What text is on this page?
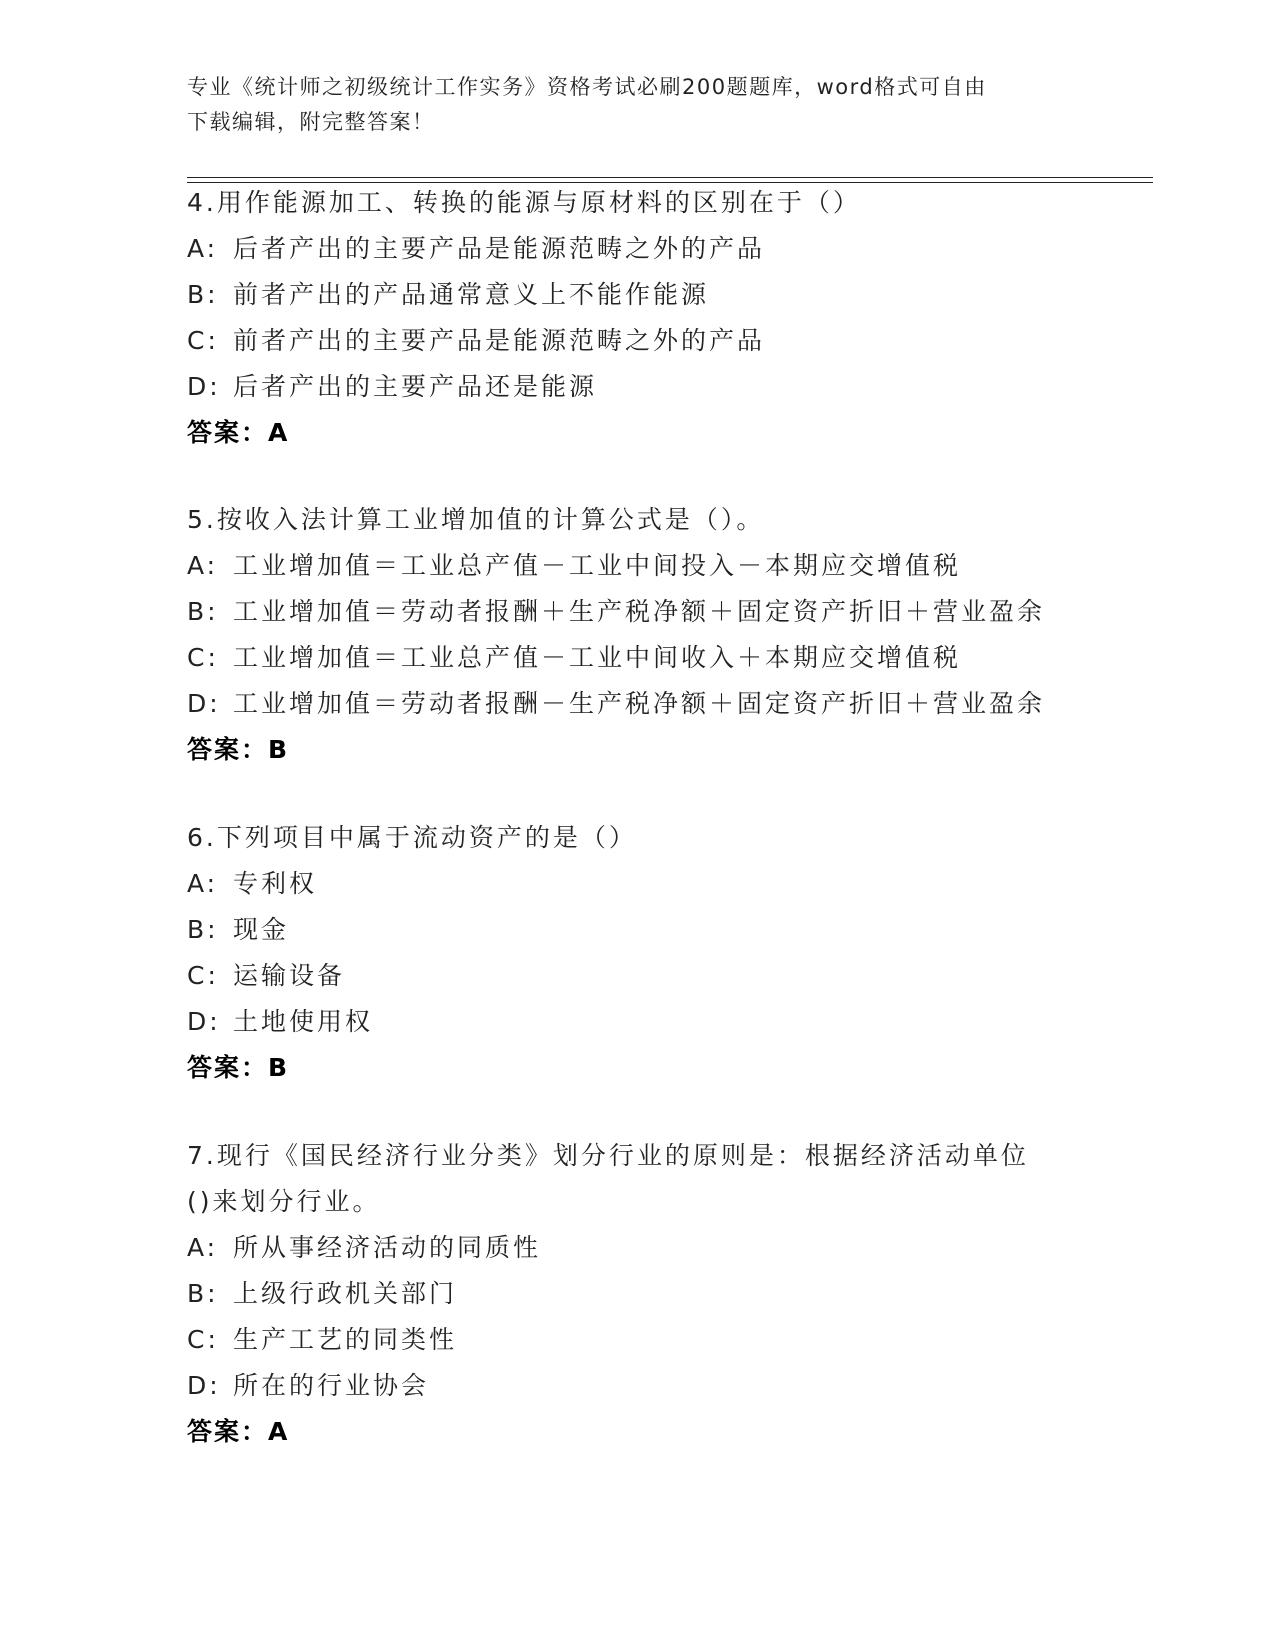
专业《统计师之初级统计工作实务》资格考试必刷200题题库，word格式可自由
下载编辑，附完整答案！
4.用作能源加工、转换的能源与原材料的区别在于（）
A: 后者产出的主要产品是能源范畴之外的产品
B: 前者产出的产品通常意义上不能作能源
C: 前者产出的主要产品是能源范畴之外的产品
D: 后者产出的主要产品还是能源
答案：A
5.按收入法计算工业增加值的计算公式是（）。
A: 工业增加值＝工业总产值－工业中间投入－本期应交增值税
B: 工业增加值＝劳动者报酬＋生产税净额＋固定资产折旧＋营业盈余
C: 工业增加值＝工业总产值－工业中间收入＋本期应交增值税
D: 工业增加值＝劳动者报酬－生产税净额＋固定资产折旧＋营业盈余
答案：B
6.下列项目中属于流动资产的是（）
A: 专利权
B: 现金
C: 运输设备
D: 土地使用权
答案：B
7.现行《国民经济行业分类》划分行业的原则是：根据经济活动单位
()来划分行业。
A: 所从事经济活动的同质性
B: 上级行政机关部门
C: 生产工艺的同类性
D: 所在的行业协会
答案：A
